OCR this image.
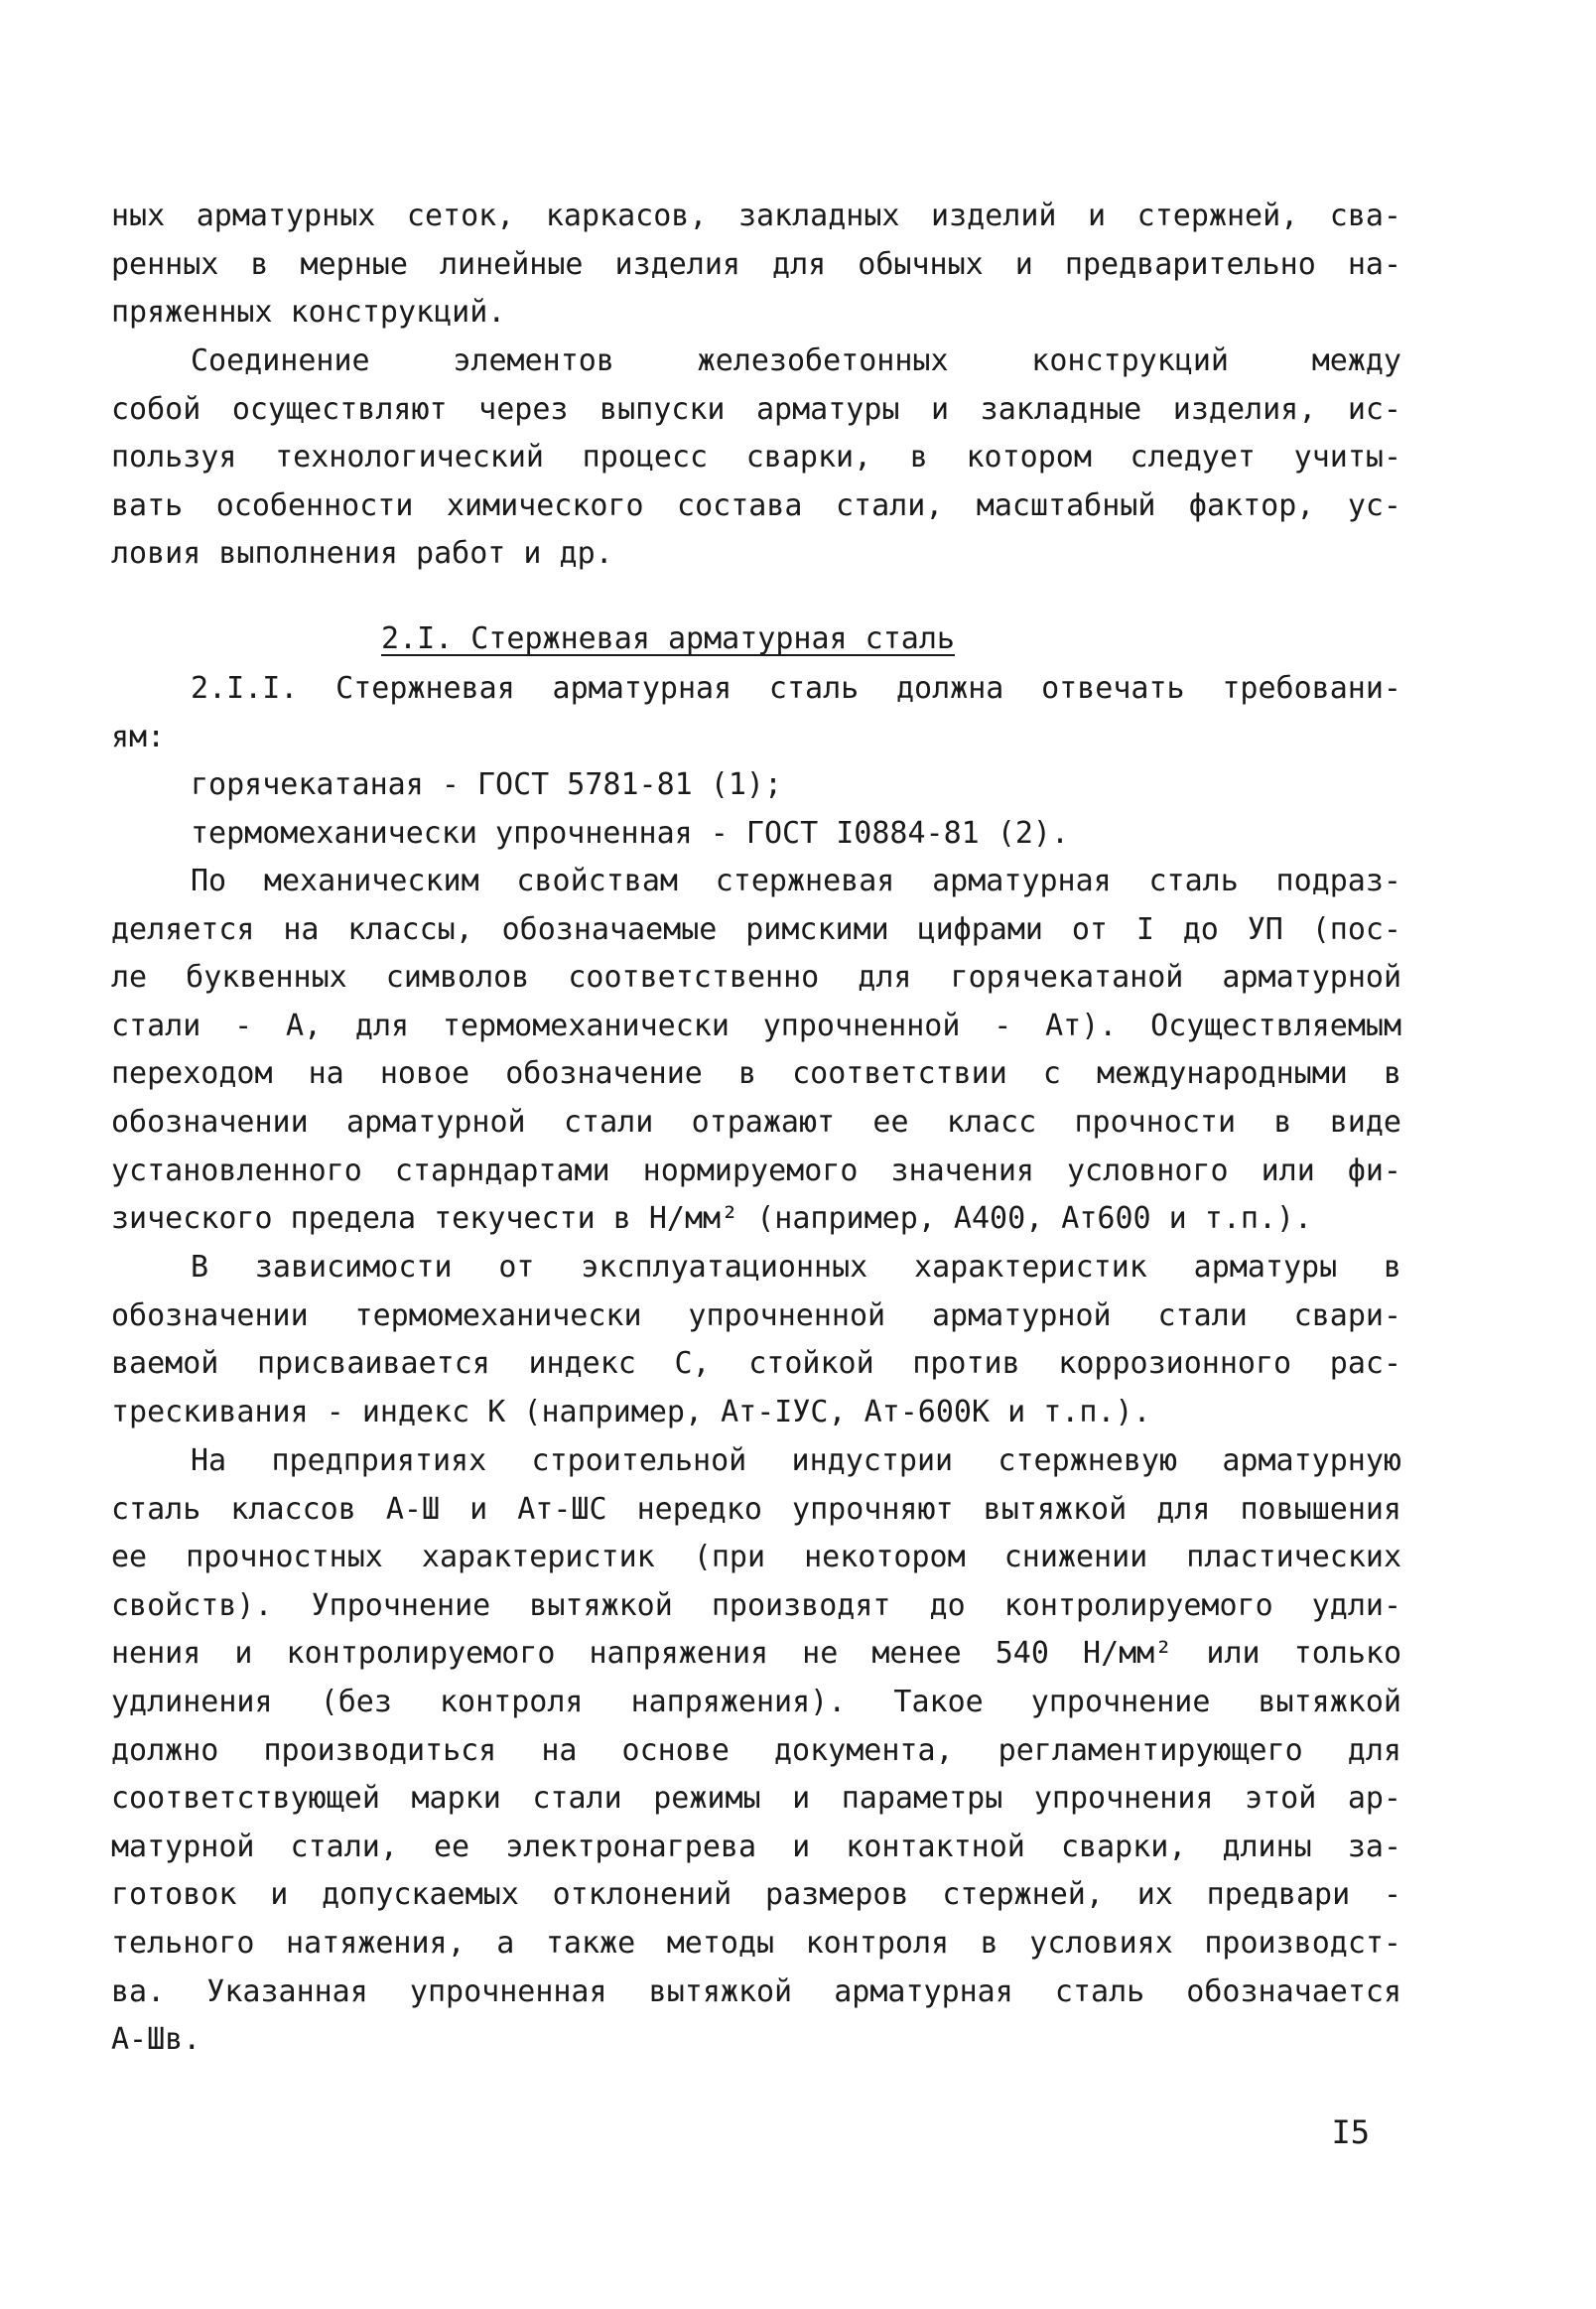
ных арматурных сеток, каркасов, закладных изделий и стержней, сва-
ренных в мерные линейные изделия для обычных и предварительно на-
пряженных конструкций.
Соединение элементов железобетонных конструкций между
собой осуществляют через выпуски арматуры и закладные изделия, ис-
пользуя технологический процесс сварки, в котором следует учиты-
вать особенности химического состава стали, масштабный фактор, ус-
ловия выполнения работ и др.
2.I. Стержневая арматурная сталь
2.I.I. Стержневая арматурная сталь должна отвечать требовани-
ям:
горячекатаная - ГОСТ 5781-81 (1);
термомеханически упрочненная - ГОСТ I0884-81 (2).
По механическим свойствам стержневая арматурная сталь подраз-
деляется на классы, обозначаемые римскими цифрами от I до УП (пос-
ле буквенных символов соответственно для горячекатаной арматурной
стали - А, для термомеханически упрочненной - Ат). Осуществляемым
переходом на новое обозначение в соответствии с международными в
обозначении арматурной стали отражают ее класс прочности в виде
установленного старндартами нормируемого значения условного или фи-
зического предела текучести в Н/мм² (например, А400, Ат600 и т.п.).
В зависимости от эксплуатационных характеристик арматуры в
обозначении термомеханически упрочненной арматурной стали свари-
ваемой присваивается индекс С, стойкой против коррозионного рас-
трескивания - индекс К (например, Ат-IУС, Ат-600К и т.п.).
На предприятиях строительной индустрии стержневую арматурную
сталь классов А-Ш и Ат-ШС нередко упрочняют вытяжкой для повышения
ее прочностных характеристик (при некотором снижении пластических
свойств). Упрочнение вытяжкой производят до контролируемого удли-
нения и контролируемого напряжения не менее 540 Н/мм² или только
удлинения (без контроля напряжения). Такое упрочнение вытяжкой
должно производиться на основе документа, регламентирующего для
соответствующей марки стали режимы и параметры упрочнения этой ар-
матурной стали, ее электронагрева и контактной сварки, длины за-
готовок и допускаемых отклонений размеров стержней, их предвари -
тельного натяжения, а также методы контроля в условиях производст-
ва. Указанная упрочненная вытяжкой арматурная сталь обозначается
А-Шв.
I5
